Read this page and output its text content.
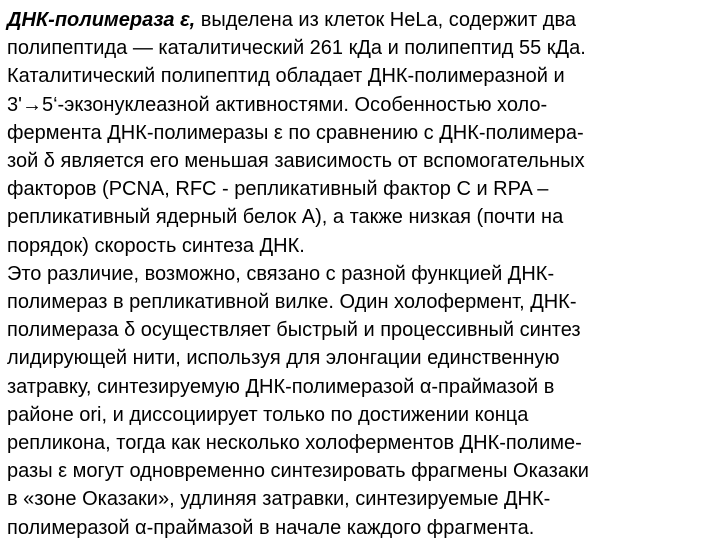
ДНК-полимераза ε, выделена из клеток HeLa, содержит два
полипептида — каталитический 261 кДа и полипептид 55 кДа.
Каталитический полипептид обладает ДНК-полимеразной и
3'→5‘-экзонуклеазной активностями. Особенностью холо-
фермента ДНК-полимеразы ε по сравнению с ДНК-полимера-
зой δ является его меньшая зависимость от вспомогательных
факторов (PCNA, RFC - репликативный фактор С и RPA –
репликативный ядерный белок А), а также низкая (почти на
порядок) скорость синтеза ДНК.
Это различие, возможно, связано с разной функцией ДНК-
полимераз в репликативной вилке. Один холофермент, ДНК-
полимераза δ осуществляет быстрый и процессивный синтез
лидирующей нити, используя для элонгации единственную
затравку, синтезируемую ДНК-полимеразой α-праймазой в
районе ori, и диссоциирует только по достижении конца
репликона, тогда как несколько холоферментов ДНК-полиме-
разы ε могут одновременно синтезировать фрагмены Оказаки
в «зоне Оказаки», удлиняя затравки, синтезируемые ДНК-
полимеразой α-праймазой в начале каждого фрагмента.
